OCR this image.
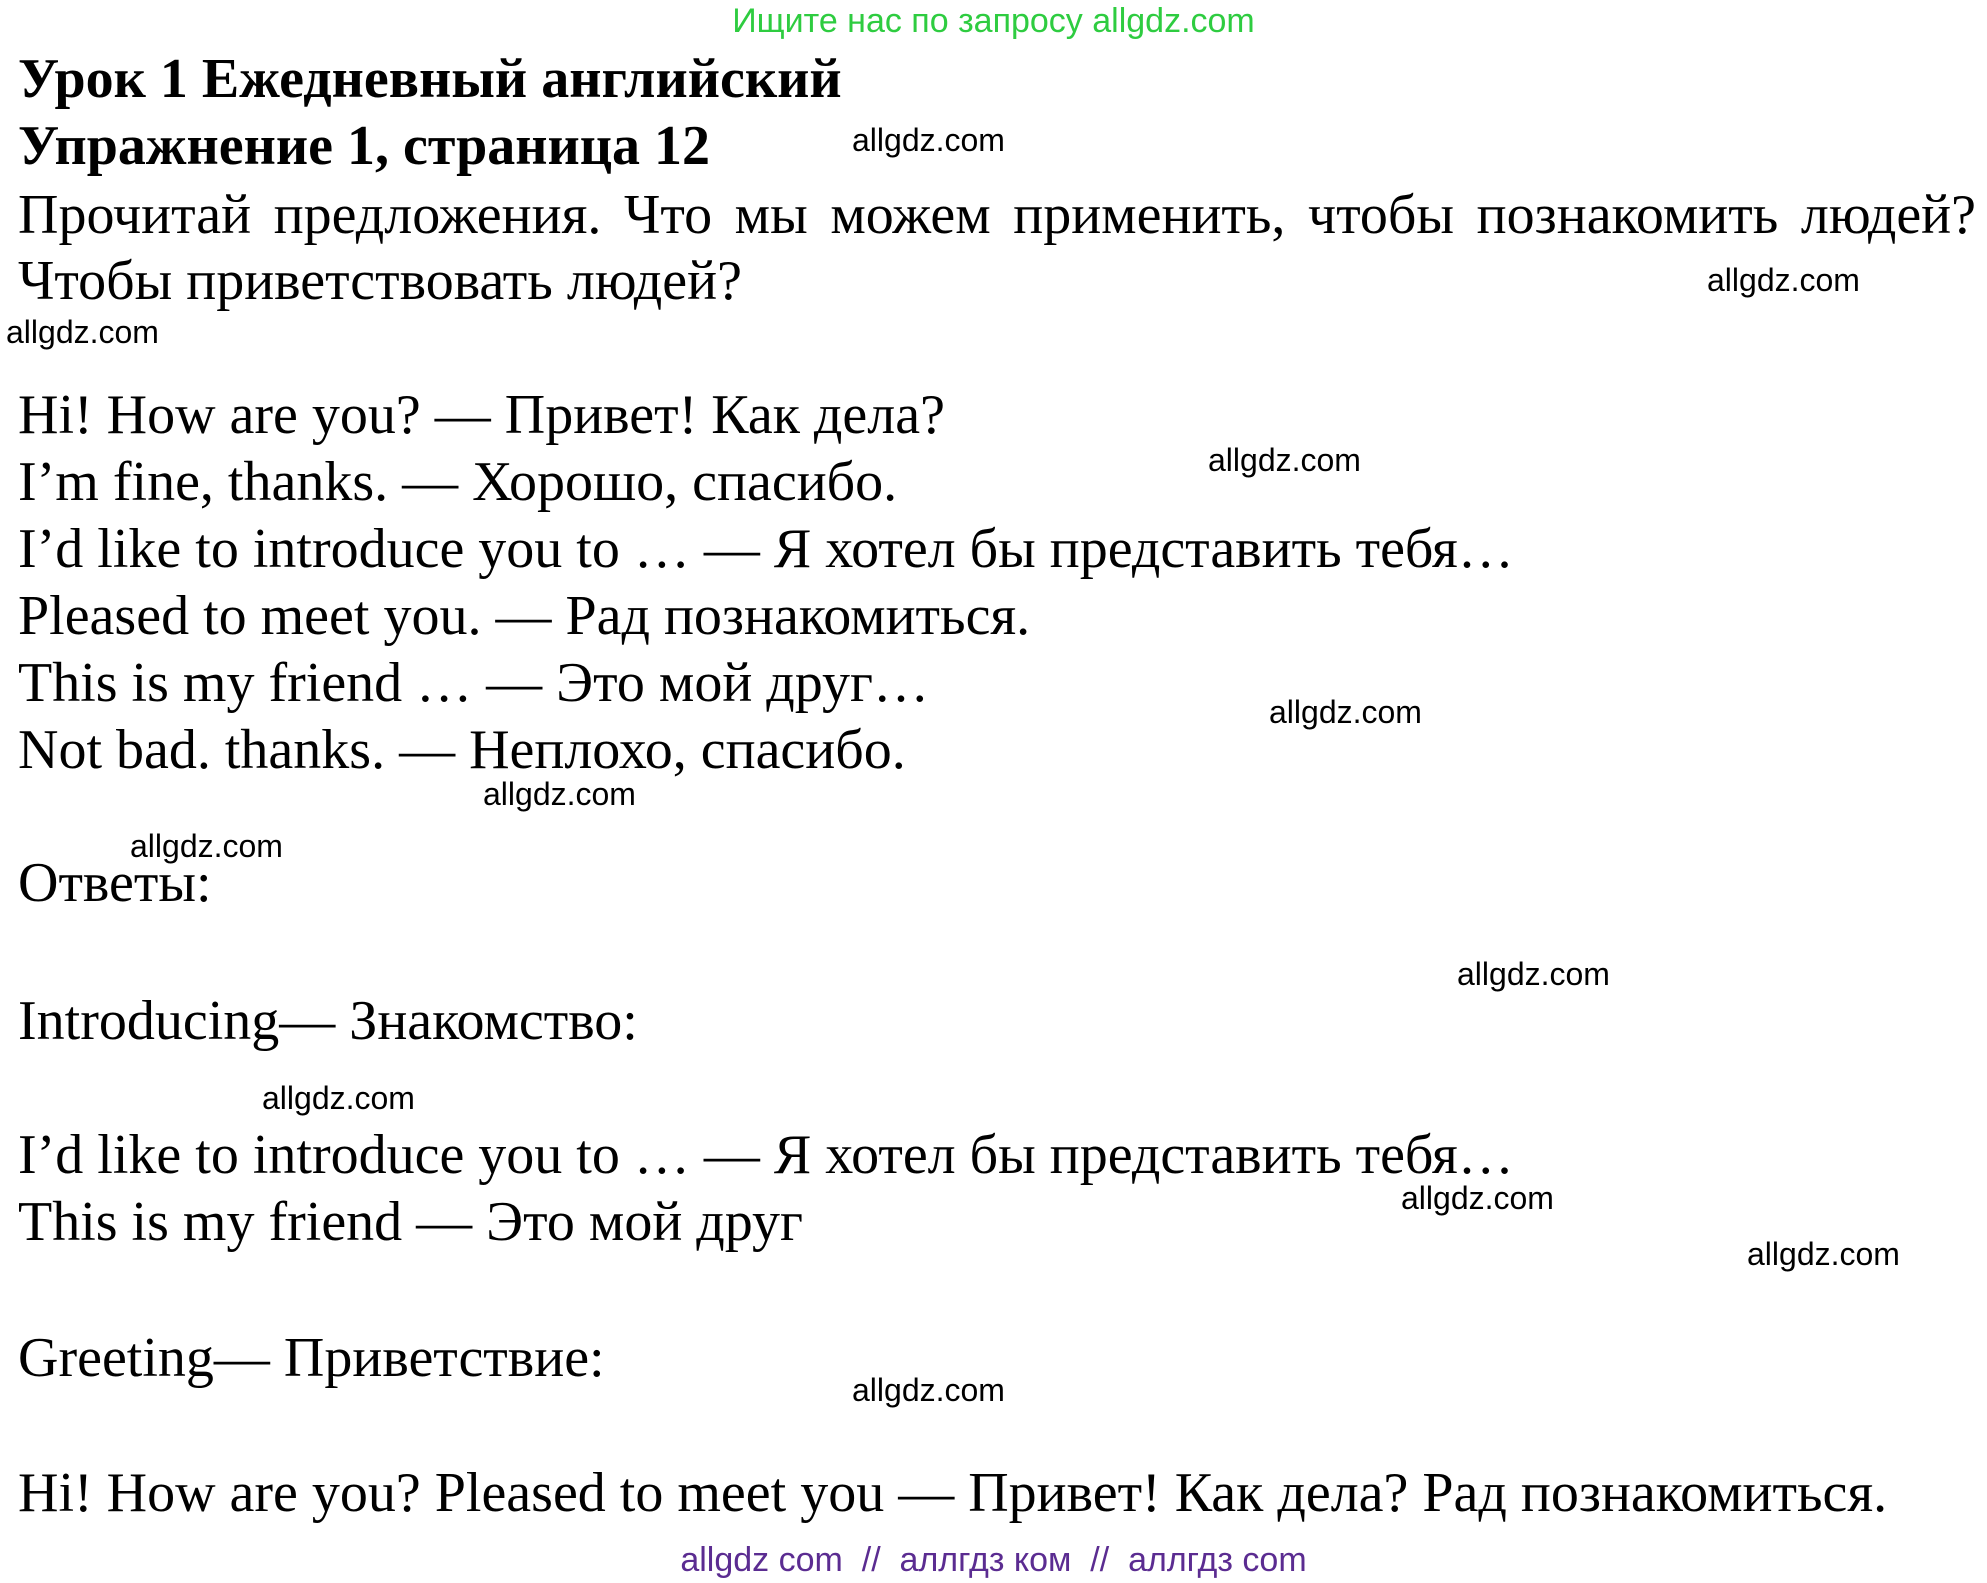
Ищите нас по запросу allgdz.com
Урок 1 Ежедневный английский
Упражнение 1, страница 12
Прочитай предложения. Что мы можем применить, чтобы познакомить людей? Чтобы приветствовать людей?
Hi! How are you? — Привет! Как дела?
I’m fine, thanks. — Хорошо, спасибо.
I’d like to introduce you to … — Я хотел бы представить тебя…
Pleased to meet you. — Рад познакомиться.
This is my friend … — Это мой друг…
Not bad. thanks. — Неплохо, спасибо.
Ответы:
Introducing— Знакомство:
I’d like to introduce you to … — Я хотел бы представить тебя…
This is my friend — Это мой друг
Greeting— Приветствие:
Hi! How are you? Pleased to meet you — Привет! Как дела? Рад познакомиться.
allgdz.com
allgdz.com
allgdz.com
allgdz.com
allgdz.com
allgdz.com
allgdz.com
allgdz.com
allgdz.com
allgdz.com
allgdz.com
allgdz.com
allgdz com  //  аллгдз ком  //  аллгдз com
